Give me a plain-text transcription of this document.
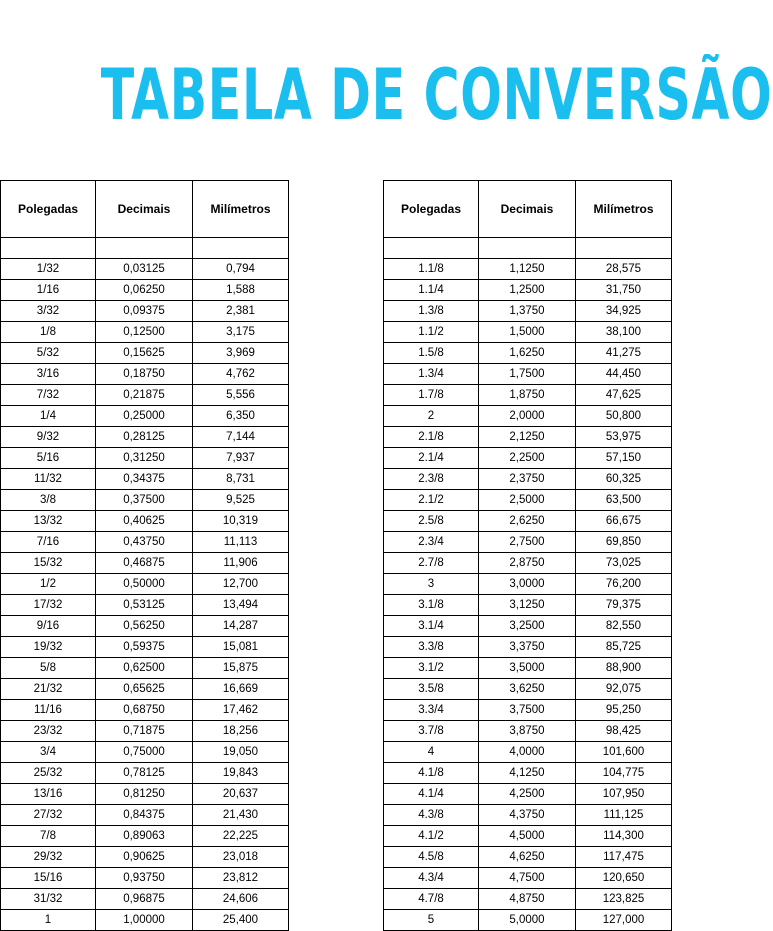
TABELA DE CONVERSÃO
Polegadas	Decimais	Milímetros

1/32	0,03125	0,794
1/16	0,06250	1,588
3/32	0,09375	2,381
1/8	0,12500	3,175
5/32	0,15625	3,969
3/16	0,18750	4,762
7/32	0,21875	5,556
1/4	0,25000	6,350
9/32	0,28125	7,144
5/16	0,31250	7,937
11/32	0,34375	8,731
3/8	0,37500	9,525
13/32	0,40625	10,319
7/16	0,43750	11,113
15/32	0,46875	11,906
1/2	0,50000	12,700
17/32	0,53125	13,494
9/16	0,56250	14,287
19/32	0,59375	15,081
5/8	0,62500	15,875
21/32	0,65625	16,669
11/16	0,68750	17,462
23/32	0,71875	18,256
3/4	0,75000	19,050
25/32	0,78125	19,843
13/16	0,81250	20,637
27/32	0,84375	21,430
7/8	0,89063	22,225
29/32	0,90625	23,018
15/16	0,93750	23,812
31/32	0,96875	24,606
1	1,00000	25,400
Polegadas	Decimais	Milímetros

1.1/8	1,1250	28,575
1.1/4	1,2500	31,750
1.3/8	1,3750	34,925
1.1/2	1,5000	38,100
1.5/8	1,6250	41,275
1.3/4	1,7500	44,450
1.7/8	1,8750	47,625
2	2,0000	50,800
2.1/8	2,1250	53,975
2.1/4	2,2500	57,150
2.3/8	2,3750	60,325
2.1/2	2,5000	63,500
2.5/8	2,6250	66,675
2.3/4	2,7500	69,850
2.7/8	2,8750	73,025
3	3,0000	76,200
3.1/8	3,1250	79,375
3.1/4	3,2500	82,550
3.3/8	3,3750	85,725
3.1/2	3,5000	88,900
3.5/8	3,6250	92,075
3.3/4	3,7500	95,250
3.7/8	3,8750	98,425
4	4,0000	101,600
4.1/8	4,1250	104,775
4.1/4	4,2500	107,950
4.3/8	4,3750	111,125
4.1/2	4,5000	114,300
4.5/8	4,6250	117,475
4.3/4	4,7500	120,650
4.7/8	4,8750	123,825
5	5,0000	127,000
